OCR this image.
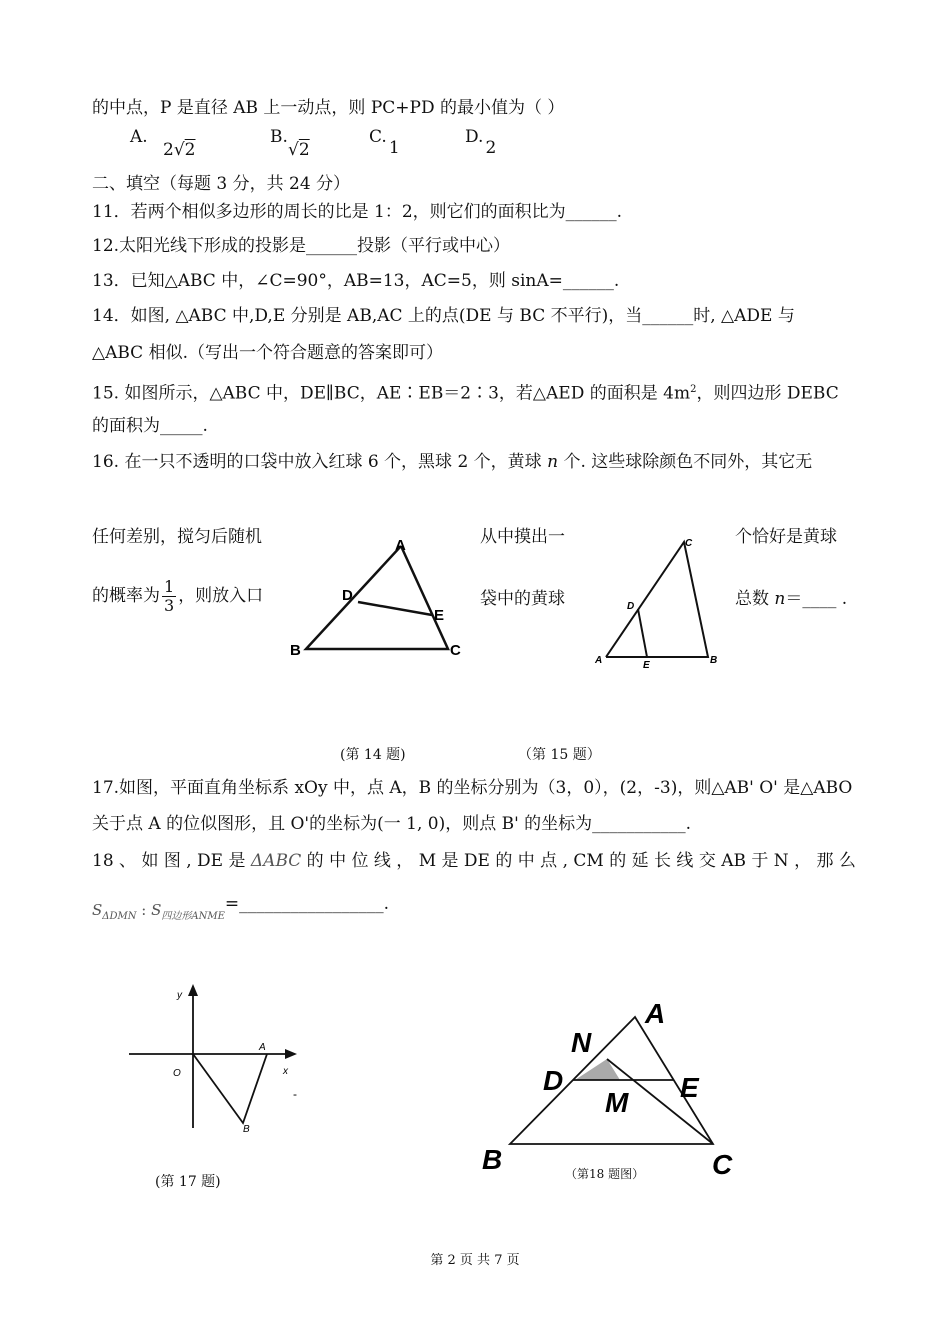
的中点，P 是直径 AB 上一动点，则 PC+PD 的最小值为（ ）
A.
2√2
B.
√2
C.1
D.2
二、填空（每题 3 分，共 24 分）
11．若两个相似多边形的周长的比是 1：2，则它们的面积比为______.
12.太阳光线下形成的投影是______投影（平行或中心）
13．已知△ABC 中，∠C=90°，AB=13，AC=5，则 sinA=______.
14．如图, △ABC 中,D,E 分别是 AB,AC 上的点(DE 与 BC 不平行)，当______时, △ADE 与
△ABC 相似.（写出一个符合题意的答案即可）
15. 如图所示，△ABC 中，DE∥BC，AE∶EB＝2∶3，若△AED 的面积是 $4m^2$，则四边形 DEBC
的面积为_____.
16. 在一只不透明的口袋中放入红球 6 个，黑球 2 个，黄球 n 个. 这些球除颜色不同外，其它无
任何差别，搅匀后随机	从中摸出一	个恰好是黄球
的概率为 $\frac{1}{3}$ ，则放入口	袋中的黄球	总数 n＝____ .
A
B	C
D
E
C
D
A	E	B
(第 14 题)	（第 15 题）
17.如图，平面直角坐标系 xOy 中，点 A，B 的坐标分别为（3，0），(2，-3)，则△AB' O' 是△ABO
关于点 A 的位似图形，且 O'的坐标为(一 1, 0)，则点 B' 的坐标为___________.
18 、 如 图 , DE 是 ΔABC 的 中 位 线 ， M 是 DE 的 中 点 , CM 的 延 长 线 交 AB 于 N ， 那 么
$S_{\Delta DMN}$ : $S_{四边形ANME}=\_\_\_\_\_\_\_\_\_\_\_\_\_\_\_\_\_$.
y
x
O
A
B
-
(第 17 题)
A
N
D	E
M
B	C
（第18 题图）
第 2 页 共 7 页
